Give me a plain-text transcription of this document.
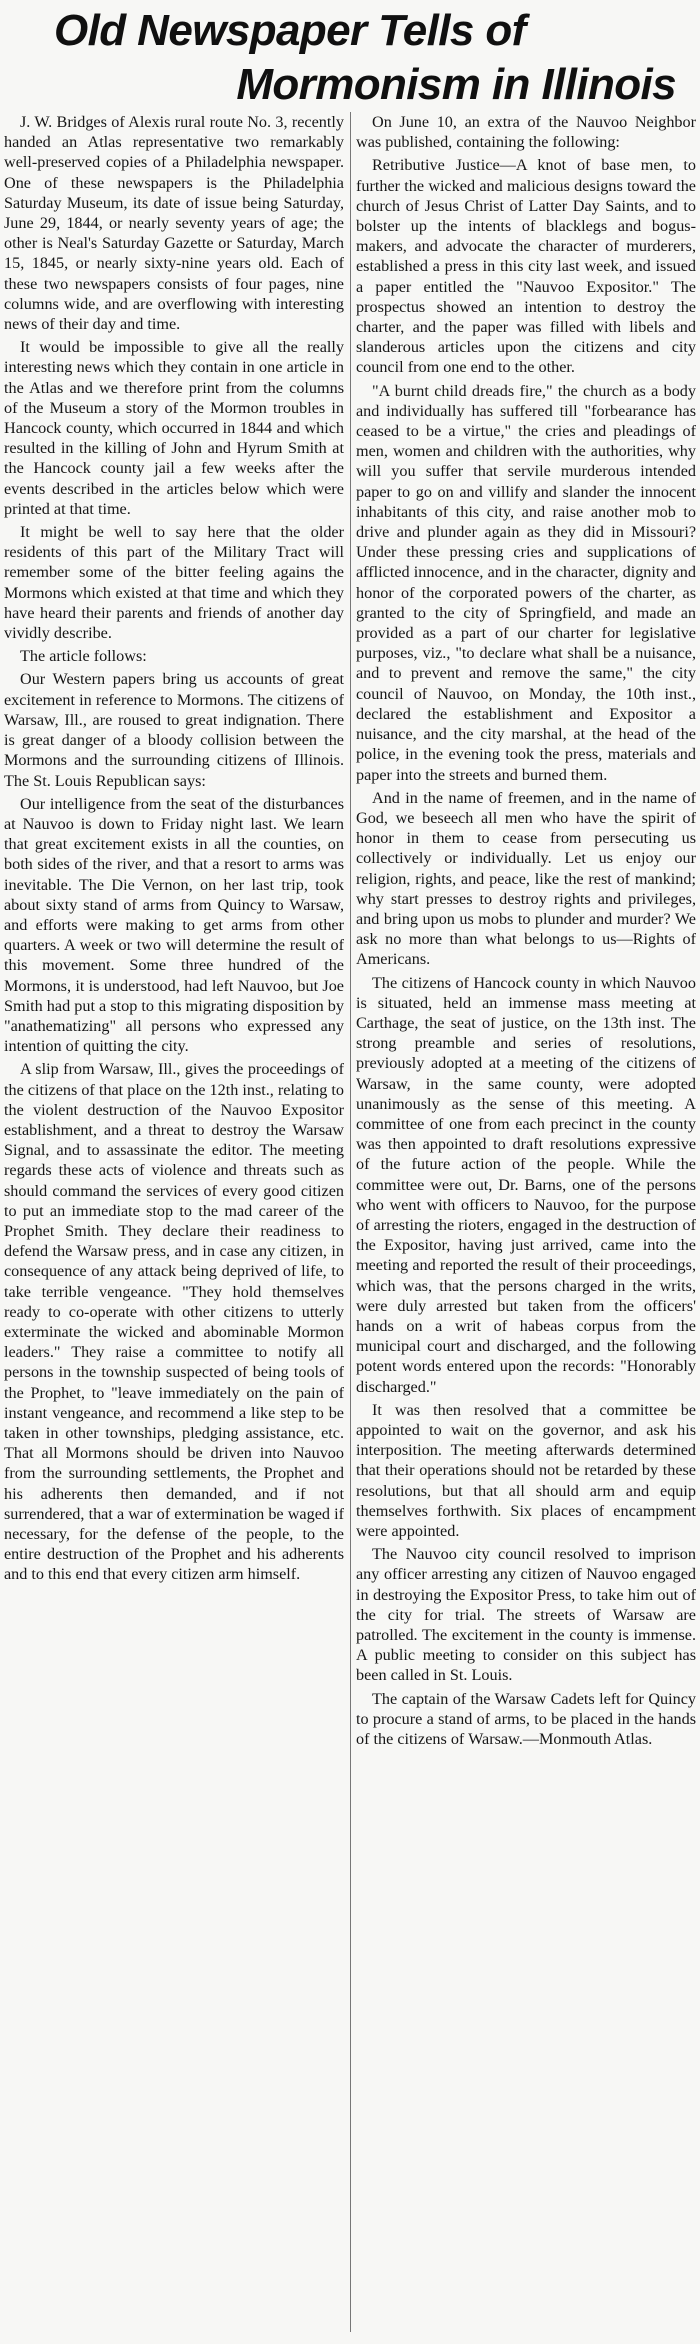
Old Newspaper Tells of
Mormonism in Illinois

J. W. Bridges of Alexis rural route No. 3, recently handed an Atlas representative two remarkably well-preserved copies of a Philadelphia newspaper. One of these newspapers is the Philadelphia Saturday Museum, its date of issue being Saturday, June 29, 1844, or nearly seventy years of age; the other is Neal's Saturday Gazette or Saturday, March 15, 1845, or nearly sixty-nine years old. Each of these two newspapers consists of four pages, nine columns wide, and are overflowing with interesting news of their day and time.

It would be impossible to give all the really interesting news which they contain in one article in the Atlas and we therefore print from the columns of the Museum a story of the Mormon troubles in Hancock county, which occurred in 1844 and which resulted in the killing of John and Hyrum Smith at the Hancock county jail a few weeks after the events described in the articles below which were printed at that time.

It might be well to say here that the older residents of this part of the Military Tract will remember some of the bitter feeling agains the Mormons which existed at that time and which they have heard their parents and friends of another day vividly describe.

The article follows:

Our Western papers bring us accounts of great excitement in reference to Mormons. The citizens of Warsaw, Ill., are roused to great indignation. There is great danger of a bloody collision between the Mormons and the surrounding citizens of Illinois. The St. Louis Republican says:

Our intelligence from the seat of the disturbances at Nauvoo is down to Friday night last. We learn that great excitement exists in all the counties, on both sides of the river, and that a resort to arms was inevitable. The Die Vernon, on her last trip, took about sixty stand of arms from Quincy to Warsaw, and efforts were making to get arms from other quarters. A week or two will determine the result of this movement. Some three hundred of the Mormons, it is understood, had left Nauvoo, but Joe Smith had put a stop to this migrating disposition by "anathematizing" all persons who expressed any intention of quitting the city.

A slip from Warsaw, Ill., gives the proceedings of the citizens of that place on the 12th inst., relating to the violent destruction of the Nauvoo Expositor establishment, and a threat to destroy the Warsaw Signal, and to assassinate the editor. The meeting regards these acts of violence and threats such as should command the services of every good citizen to put an immediate stop to the mad career of the Prophet Smith. They declare their readiness to defend the Warsaw press, and in case any citizen, in consequence of any attack being deprived of life, to take terrible vengeance. "They hold themselves ready to co-operate with other citizens to utterly exterminate the wicked and abominable Mormon leaders." They raise a committee to notify all persons in the township suspected of being tools of the Prophet, to "leave immediately on the pain of instant vengeance, and recommend a like step to be taken in other townships, pledging assistance, etc. That all Mormons should be driven into Nauvoo from the surrounding settlements, the Prophet and his adherents then demanded, and if not surrendered, that a war of extermination be waged if necessary, for the defense of the people, to the entire destruction of the Prophet and his adherents and to this end that every citizen arm himself.

On June 10, an extra of the Nauvoo Neighbor was published, containing the following:

Retributive Justice—A knot of base men, to further the wicked and malicious designs toward the church of Jesus Christ of Latter Day Saints, and to bolster up the intents of blacklegs and bogus-makers, and advocate the character of murderers, established a press in this city last week, and issued a paper entitled the "Nauvoo Expositor." The prospectus showed an intention to destroy the charter, and the paper was filled with libels and slanderous articles upon the citizens and city council from one end to the other.

"A burnt child dreads fire," the church as a body and individually has suffered till "forbearance has ceased to be a virtue," the cries and pleadings of men, women and children with the authorities, why will you suffer that servile murderous intended paper to go on and villify and slander the innocent inhabitants of this city, and raise another mob to drive and plunder again as they did in Missouri? Under these pressing cries and supplications of afflicted innocence, and in the character, dignity and honor of the corporated powers of the charter, as granted to the city of Springfield, and made an provided as a part of our charter for legislative purposes, viz., "to declare what shall be a nuisance, and to prevent and remove the same," the city council of Nauvoo, on Monday, the 10th inst., declared the establishment and Expositor a nuisance, and the city marshal, at the head of the police, in the evening took the press, materials and paper into the streets and burned them.

And in the name of freemen, and in the name of God, we beseech all men who have the spirit of honor in them to cease from persecuting us collectively or individually. Let us enjoy our religion, rights, and peace, like the rest of mankind; why start presses to destroy rights and privileges, and bring upon us mobs to plunder and murder? We ask no more than what belongs to us—Rights of Americans.

The citizens of Hancock county in which Nauvoo is situated, held an immense mass meeting at Carthage, the seat of justice, on the 13th inst. The strong preamble and series of resolutions, previously adopted at a meeting of the citizens of Warsaw, in the same county, were adopted unanimously as the sense of this meeting. A committee of one from each precinct in the county was then appointed to draft resolutions expressive of the future action of the people. While the committee were out, Dr. Barns, one of the persons who went with officers to Nauvoo, for the purpose of arresting the rioters, engaged in the destruction of the Expositor, having just arrived, came into the meeting and reported the result of their proceedings, which was, that the persons charged in the writs, were duly arrested but taken from the officers' hands on a writ of habeas corpus from the municipal court and discharged, and the following potent words entered upon the records: "Honorably discharged."

It was then resolved that a committee be appointed to wait on the governor, and ask his interposition. The meeting afterwards determined that their operations should not be retarded by these resolutions, but that all should arm and equip themselves forthwith. Six places of encampment were appointed.

The Nauvoo city council resolved to imprison any officer arresting any citizen of Nauvoo engaged in destroying the Expositor Press, to take him out of the city for trial. The streets of Warsaw are patrolled. The excitement in the county is immense. A public meeting to consider on this subject has been called in St. Louis.

The captain of the Warsaw Cadets left for Quincy to procure a stand of arms, to be placed in the hands of the citizens of Warsaw.—Monmouth Atlas.
